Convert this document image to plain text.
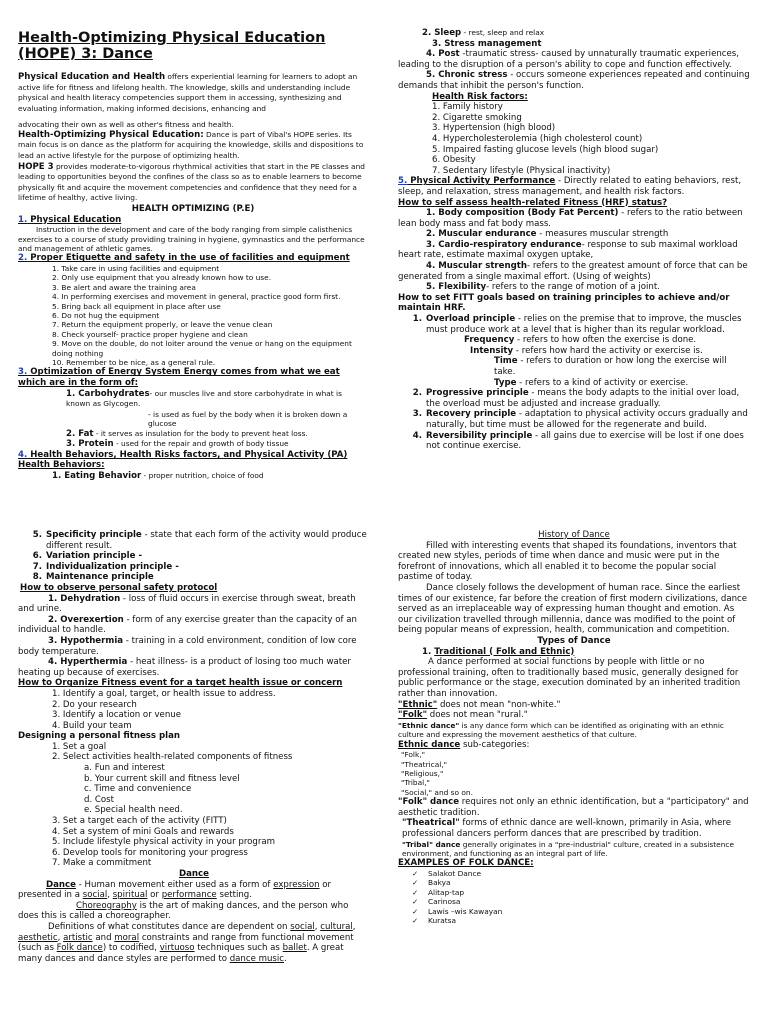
Health-Optimizing Physical Education (HOPE) 3: Dance

Physical Education and Health offers experiential learning for learners to adopt an active life for fitness and lifelong health. The knowledge, skills and understanding include physical and health literacy competencies support them in accessing, synthesizing and evaluating information, making informed decisions, enhancing and

advocating their own as well as other's fitness and health.

Health-Optimizing Physical Education: Dance is part of Vibal's HOPE series. Its main focus is on dance as the platform for acquiring the knowledge, skills and dispositions to lead an active lifestyle for the purpose of optimizing health.

HOPE 3 provides moderate-to-vigorous rhythmical activities that start in the PE classes and leading to opportunities beyond the confines of the class so as to enable learners to become physically fit and acquire the movement competencies and confidence that they need for a lifetime of healthy, active living.

HEALTH OPTIMIZING (P.E)

1. Physical Education

Instruction in the development and care of the body ranging from simple calisthenics exercises to a course of study providing training in hygiene, gymnastics and the performance and management of athletic games.

2. Proper Etiquette and safety in the use of facilities and equipment

1. Take care in using facilities and equipment
2. Only use equipment that you already known how to use.
3. Be alert and aware the training area
4. In performing exercises and movement in general, practice good form first.
5. Bring back all equipment in place after use
6. Do not hug the equipment
7. Return the equipment properly, or leave the venue clean
8. Check yourself- practice proper hygiene and clean
9. Move on the double, do not loiter around the venue or hang on the equipment doing nothing
10. Remember to be nice, as a general rule.

3. Optimization of Energy System Energy comes from what we eat which are in the form of:

1. Carbohydrates- our muscles live and store carbohydrate in what is known as Glycogen.

- is used as fuel by the body when it is broken down a glucose

2. Fat - it serves as insulation for the body to prevent heat loss.

3. Protein - used for the repair and growth of body tissue

4. Health Behaviors, Health Risks factors, and Physical Activity (PA)

Health Behaviors:

1. Eating Behavior - proper nutrition, choice of food

2. Sleep - rest, sleep and relax

3. Stress management

4. Post -traumatic stress- caused by unnaturally traumatic experiences, leading to the disruption of a person's ability to cope and function effectively.

5. Chronic stress - occurs someone experiences repeated and continuing demands that inhibit the person's function.

Health Risk factors:

1. Family history
2. Cigarette smoking
3. Hypertension (high blood)
4. Hypercholesterolemia (high cholesterol count)
5. Impaired fasting glucose levels (high blood sugar)
6. Obesity
7. Sedentary lifestyle (Physical inactivity)

5. Physical Activity Performance - Directly related to eating behaviors, rest, sleep, and relaxation, stress management, and health risk factors.

How to self assess health-related Fitness (HRF) status?

1. Body composition (Body Fat Percent) - refers to the ratio between lean body mass and fat body mass.

2. Muscular endurance - measures muscular strength

3. Cardio-respiratory endurance- response to sub maximal workload heart rate, estimate maximal oxygen uptake,

4. Muscular strength- refers to the greatest amount of force that can be generated from a single maximal effort. (Using of weights)

5. Flexibility- refers to the range of motion of a joint.

How to set FITT goals based on training principles to achieve and/or maintain HRF.

1. Overload principle - relies on the premise that to improve, the muscles must produce work at a level that is higher than its regular workload.

Frequency - refers to how often the exercise is done.

Intensity - refers how hard the activity or exercise is.

Time - refers to duration or how long the exercise will take.

Type - refers to a kind of activity or exercise.

2. Progressive principle - means the body adapts to the initial over load, the overload must be adjusted and increase gradually.
3. Recovery principle - adaptation to physical activity occurs gradually and naturally, but time must be allowed for the regenerate and build.
4. Reversibility principle - all gains due to exercise will be lost if one does not continue exercise.
5. Specificity principle - state that each form of the activity would produce different result.
6. Variation principle -
7. Individualization principle -
8. Maintenance principle

How to observe personal safety protocol

1. Dehydration - loss of fluid occurs in exercise through sweat, breath and urine.

2. Overexertion - form of any exercise greater than the capacity of an individual to handle.

3. Hypothermia - training in a cold environment, condition of low core body temperature.

4. Hyperthermia - heat illness- is a product of losing too much water heating up because of exercises.

How to Organize Fitness event for a target health issue or concern

1. Identify a goal, target, or health issue to address.
2. Do your research
3. Identify a location or venue
4. Build your team

Designing a personal fitness plan

1. Set a goal
2. Select activities health-related components of fitness
a. Fun and interest
b. Your current skill and fitness level
c. Time and convenience
d. Cost
e. Special health need.
3. Set a target each of the activity (FITT)
4. Set a system of mini Goals and rewards
5. Include lifestyle physical activity in your program
6. Develop tools for monitoring your progress
7. Make a commitment

Dance

Dance - Human movement either used as a form of expression or presented in a social, spiritual or performance setting.

Choreography is the art of making dances, and the person who does this is called a choreographer.

Definitions of what constitutes dance are dependent on social, cultural, aesthetic, artistic and moral constraints and range from functional movement (such as Folk dance) to codified, virtuoso techniques such as ballet. A great many dances and dance styles are performed to dance music.

History of Dance

Filled with interesting events that shaped its foundations, inventors that created new styles, periods of time when dance and music were put in the forefront of innovations, which all enabled it to become the popular social pastime of today.

Dance closely follows the development of human race. Since the earliest times of our existence, far before the creation of first modern civilizations, dance served as an irreplaceable way of expressing human thought and emotion. As our civilization travelled through millennia, dance was modified to the point of being popular means of expression, health, communication and competition.

Types of Dance

1. Traditional ( Folk and Ethnic)

A dance performed at social functions by people with little or no professional training, often to traditionally based music, generally designed for public performance or the stage, execution dominated by an inherited tradition rather than innovation.

"Ethnic" does not mean "non-white."

"Folk" does not mean "rural."

"Ethnic dance" is any dance form which can be identified as originating with an ethnic culture and expressing the movement aesthetics of that culture.

Ethnic dance sub-categories:

"Folk,"
"Theatrical,"
"Religious,"
"Tribal,"
"Social," and so on.

"Folk" dance requires not only an ethnic identification, but a "participatory" and aesthetic tradition.

"Theatrical" forms of ethnic dance are well-known, primarily in Asia, where professional dancers perform dances that are prescribed by tradition.

"Tribal" dance generally originates in a "pre-industrial" culture, created in a subsistence environment, and functioning as an integral part of life.

EXAMPLES OF FOLK DANCE:

✓	Salakot Dance
✓	Bakya
✓	Alitap-tap
✓	Carinosa
✓	Lawis –wis Kawayan
✓	Kuratsa
